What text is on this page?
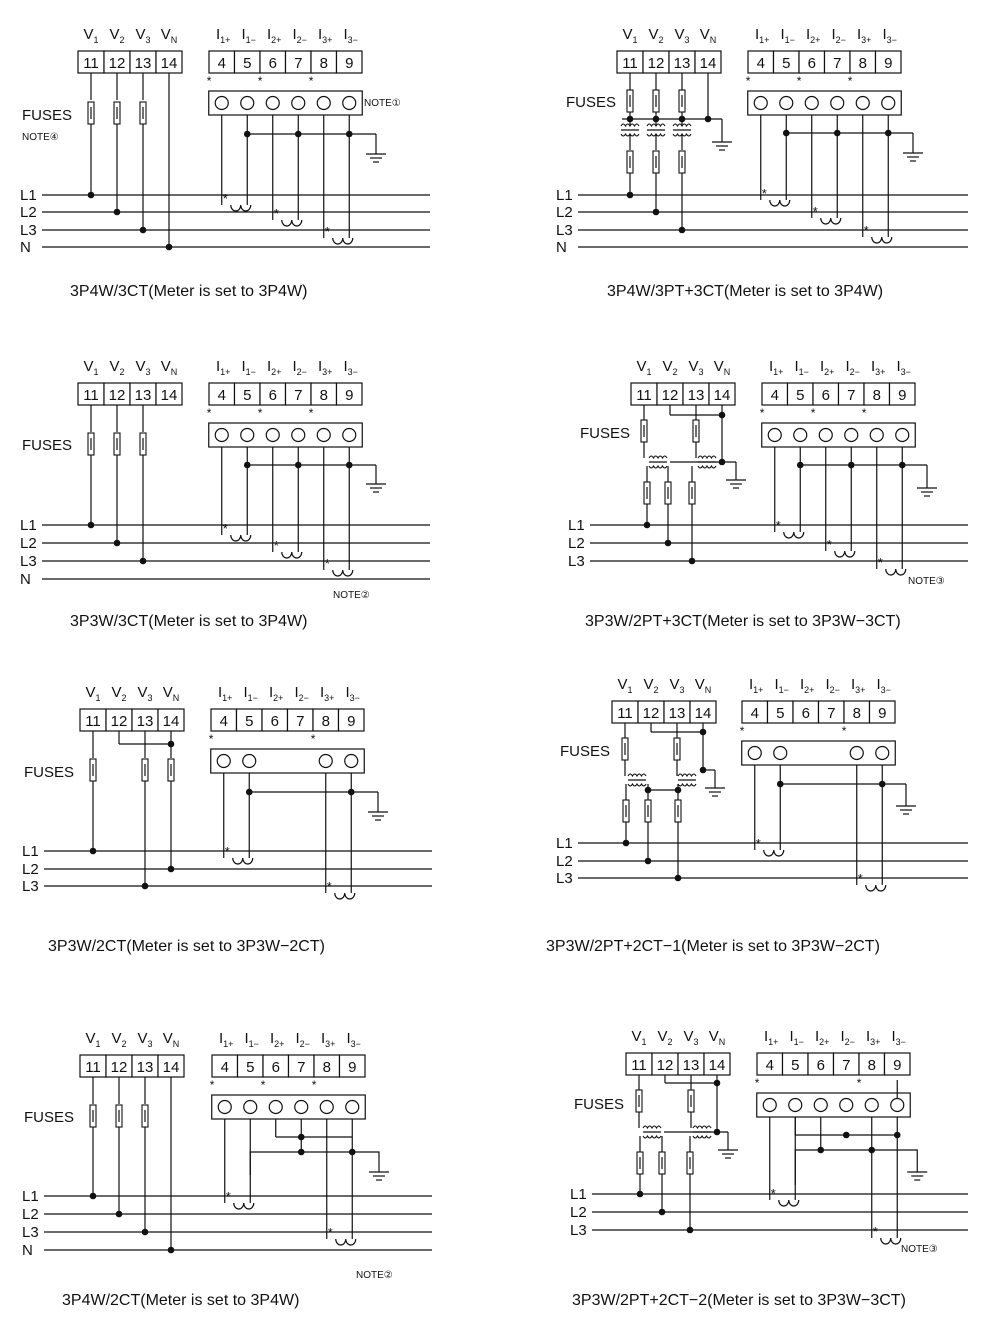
$V_1$ $V_2$ $V_3$ $V_N$
11 12 13 14
$I_{1+}$ $I_{1-}$ $I_{2+}$ $I_{2-}$ $I_{3+}$ $I_{3-}$
4 5 6 7 8 9
*	*	*
FUSES
NOTE④
NOTE①
L1
L2
L3
N
*
*
*
$V_1$ $V_2$ $V_3$ $V_N$
11 12 13 14
$I_{1+}$ $I_{1-}$ $I_{2+}$ $I_{2-}$ $I_{3+}$ $I_{3-}$
4 5 6 7 8 9
*	*	*
FUSES
L1
L2
L3
N
*
*
*
$V_1$ $V_2$ $V_3$ $V_N$
11 12 13 14
$I_{1+}$ $I_{1-}$ $I_{2+}$ $I_{2-}$ $I_{3+}$ $I_{3-}$
4 5 6 7 8 9
*	*	*
FUSES
NOTE②
L1
L2
L3
N
*
*
*
$V_1$ $V_2$ $V_3$ $V_N$
11 12 13 14
$I_{1+}$ $I_{1-}$ $I_{2+}$ $I_{2-}$ $I_{3+}$ $I_{3-}$
4 5 6 7 8 9
*	*	*
FUSES
NOTE③
L1
L2
L3
*
*
*
$V_1$ $V_2$ $V_3$ $V_N$
11 12 13 14
$I_{1+}$ $I_{1-}$ $I_{2+}$ $I_{2-}$ $I_{3+}$ $I_{3-}$
4 5 6 7 8 9
*	*
FUSES
L1
L2
L3
*
*
$V_1$ $V_2$ $V_3$ $V_N$
11 12 13 14
$I_{1+}$ $I_{1-}$ $I_{2+}$ $I_{2-}$ $I_{3+}$ $I_{3-}$
4 5 6 7 8 9
*	*
FUSES
L1
L2
L3
*
*
$V_1$ $V_2$ $V_3$ $V_N$
11 12 13 14
$I_{1+}$ $I_{1-}$ $I_{2+}$ $I_{2-}$ $I_{3+}$ $I_{3-}$
4 5 6 7 8 9
*	*	*
FUSES
NOTE②
L1
L2
L3
N
*
*
$V_1$ $V_2$ $V_3$ $V_N$
11 12 13 14
$I_{1+}$ $I_{1-}$ $I_{2+}$ $I_{2-}$ $I_{3+}$ $I_{3-}$
4 5 6 7 8 9
*	*
FUSES
NOTE③
L1
L2
L3
*
*
3P4W/3CT(Meter is set to 3P4W)	3P4W/3PT+3CT(Meter is set to 3P4W)
3P3W/3CT(Meter is set to 3P4W)	3P3W/2PT+3CT(Meter is set to 3P3W−3CT)
3P3W/2CT(Meter is set to 3P3W−2CT)	3P3W/2PT+2CT−1(Meter is set to 3P3W−2CT)
3P4W/2CT(Meter is set to 3P4W)	3P3W/2PT+2CT−2(Meter is set to 3P3W−3CT)
